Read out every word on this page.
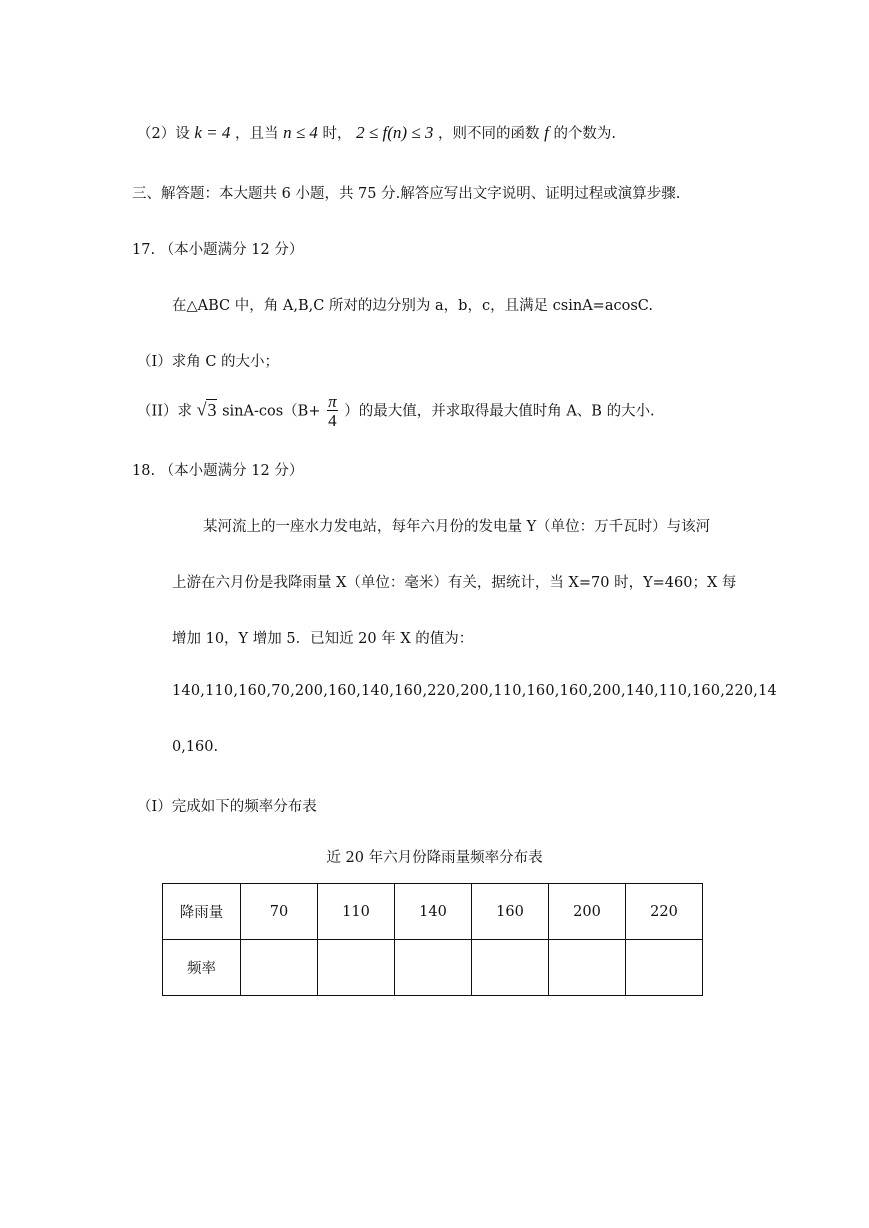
（2）设 k = 4 ，且当 n ≤ 4 时， 2 ≤ f(n) ≤ 3 ，则不同的函数 f 的个数为.
三、解答题：本大题共 6 小题，共 75 分.解答应写出文字说明、证明过程或演算步骤.
17. （本小题满分 12 分）
在△ABC 中，角 A,B,C 所对的边分别为 a，b，c，且满足 csinA=acosC.
（I）求角 C 的大小；
（II）求 √3 $\sin A-\cos(B+ \frac{\pi}{4}$ ）的最大值，并求取得最大值时角 A、B 的大小.
18. （本小题满分 12 分）
某河流上的一座水力发电站，每年六月份的发电量 Y（单位：万千瓦时）与该河
上游在六月份是我降雨量 X（单位：毫米）有关，据统计，当 X=70 时，Y=460；X 每
增加 10，Y 增加 5．已知近 20 年 X 的值为：
140,110,160,70,200,160,140,160,220,200,110,160,160,200,140,110,160,220,14
0,160.
（Ⅰ）完成如下的频率分布表
近 20 年六月份降雨量频率分布表
降雨量	70	110	140	160	200	220
频率						
